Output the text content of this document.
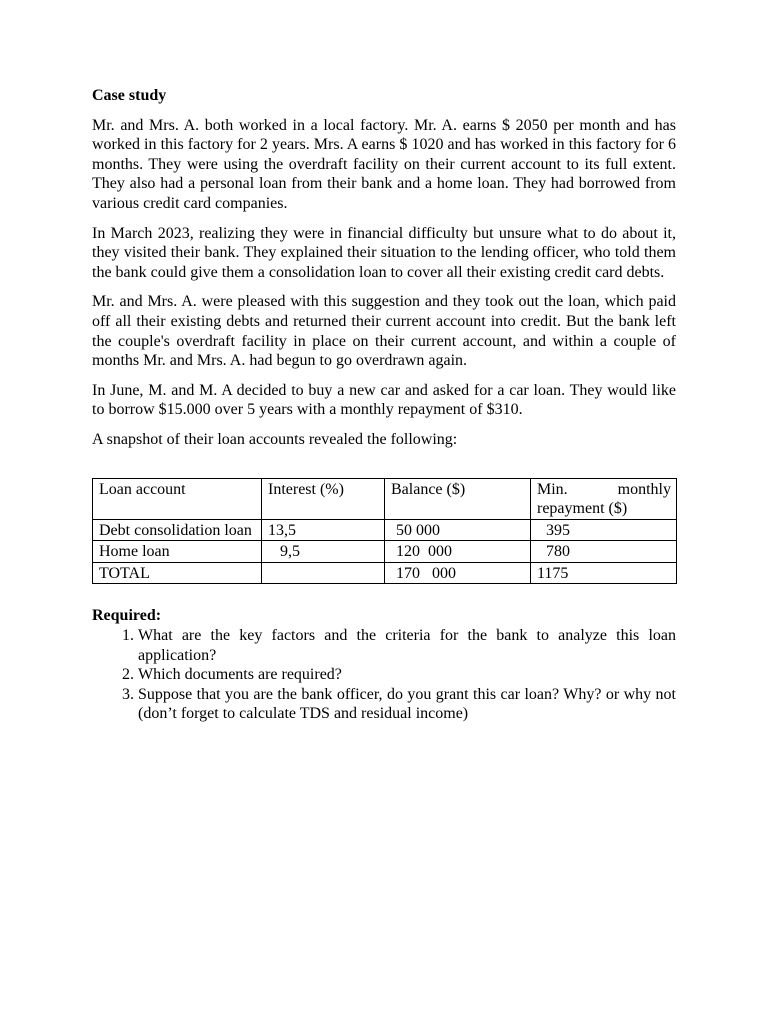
Case study

Mr. and Mrs. A. both worked in a local factory. Mr. A. earns $ 2050 per month and has worked in this factory for 2 years. Mrs. A earns $ 1020 and has worked in this factory for 6 months. They were using the overdraft facility on their current account to its full extent. They also had a personal loan from their bank and a home loan. They had borrowed from various credit card companies.

In March 2023, realizing they were in financial difficulty but unsure what to do about it, they visited their bank. They explained their situation to the lending officer, who told them the bank could give them a consolidation loan to cover all their existing credit card debts.

Mr. and Mrs. A. were pleased with this suggestion and they took out the loan, which paid off all their existing debts and returned their current account into credit. But the bank left the couple's overdraft facility in place on their current account, and within a couple of months Mr. and Mrs. A. had begun to go overdrawn again.

In June, M. and M. A decided to buy a new car and asked for a car loan. They would like to borrow $15.000 over 5 years with a monthly repayment of $310.

A snapshot of their loan accounts revealed the following:

Loan account	Interest (%)	Balance ($)	Min. monthly repayment ($)
Debt consolidation loan	13,5	50 000	395
Home loan	9,5	120  000	780
TOTAL		170   000	1175
Required:
1. What are the key factors and the criteria for the bank to analyze this loan application?
2. Which documents are required?
3. Suppose that you are the bank officer, do you grant this car loan? Why? or why not (don’t forget to calculate TDS and residual income)
